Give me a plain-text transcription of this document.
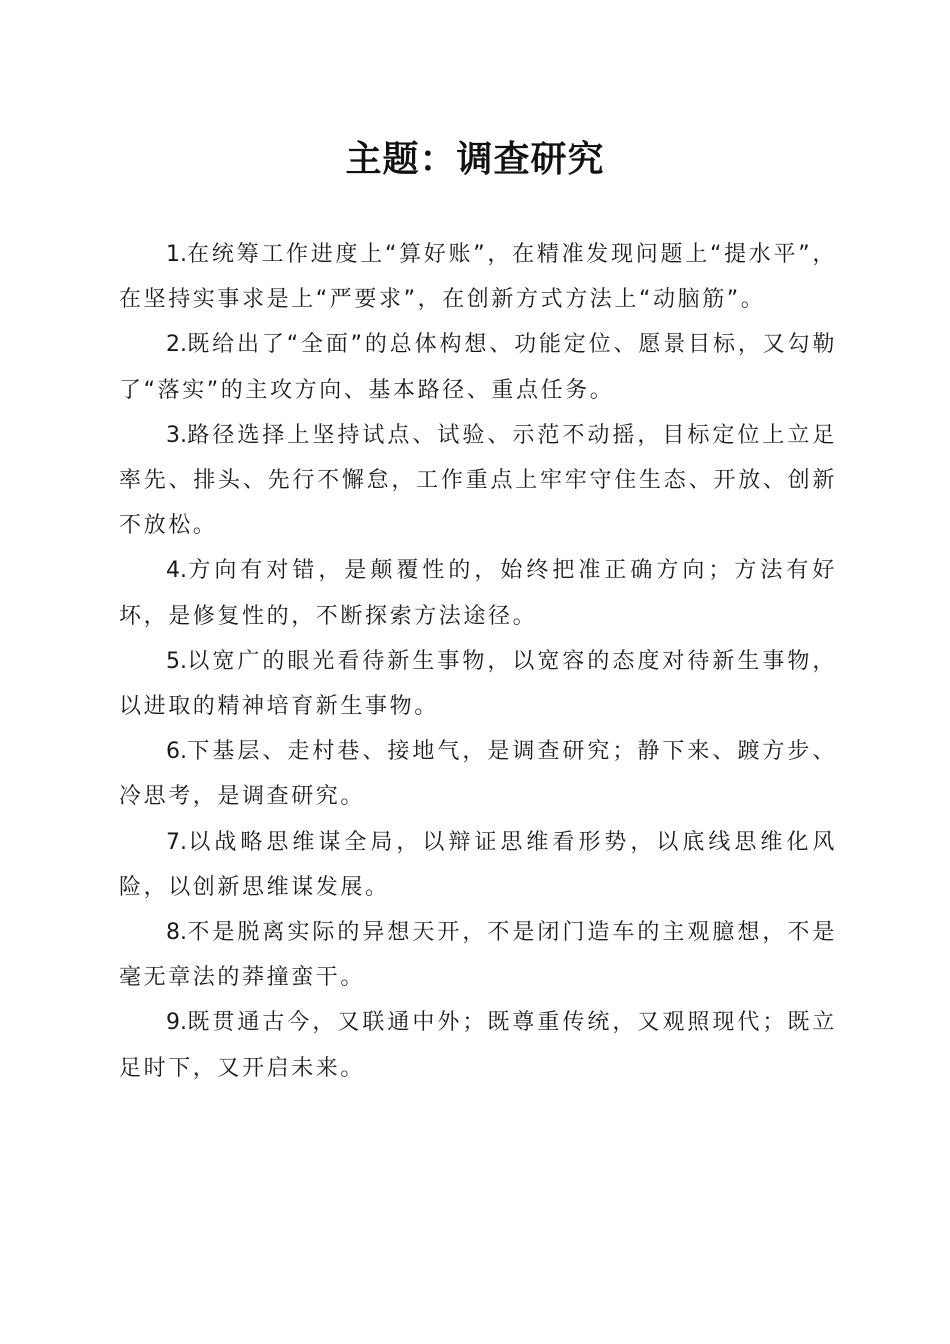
主题：调查研究

1.在统筹工作进度上“算好账”，在精准发现问题上“提水平”，在坚持实事求是上“严要求”，在创新方式方法上“动脑筋”。

2.既给出了“全面”的总体构想、功能定位、愿景目标，又勾勒了“落实”的主攻方向、基本路径、重点任务。

3.路径选择上坚持试点、试验、示范不动摇，目标定位上立足率先、排头、先行不懈怠，工作重点上牢牢守住生态、开放、创新不放松。

4.方向有对错，是颠覆性的，始终把准正确方向；方法有好坏，是修复性的，不断探索方法途径。

5.以宽广的眼光看待新生事物，以宽容的态度对待新生事物，以进取的精神培育新生事物。

6.下基层、走村巷、接地气，是调查研究；静下来、踱方步、冷思考，是调查研究。

7.以战略思维谋全局，以辩证思维看形势，以底线思维化风险，以创新思维谋发展。

8.不是脱离实际的异想天开，不是闭门造车的主观臆想，不是毫无章法的莽撞蛮干。

9.既贯通古今，又联通中外；既尊重传统，又观照现代；既立足时下，又开启未来。
